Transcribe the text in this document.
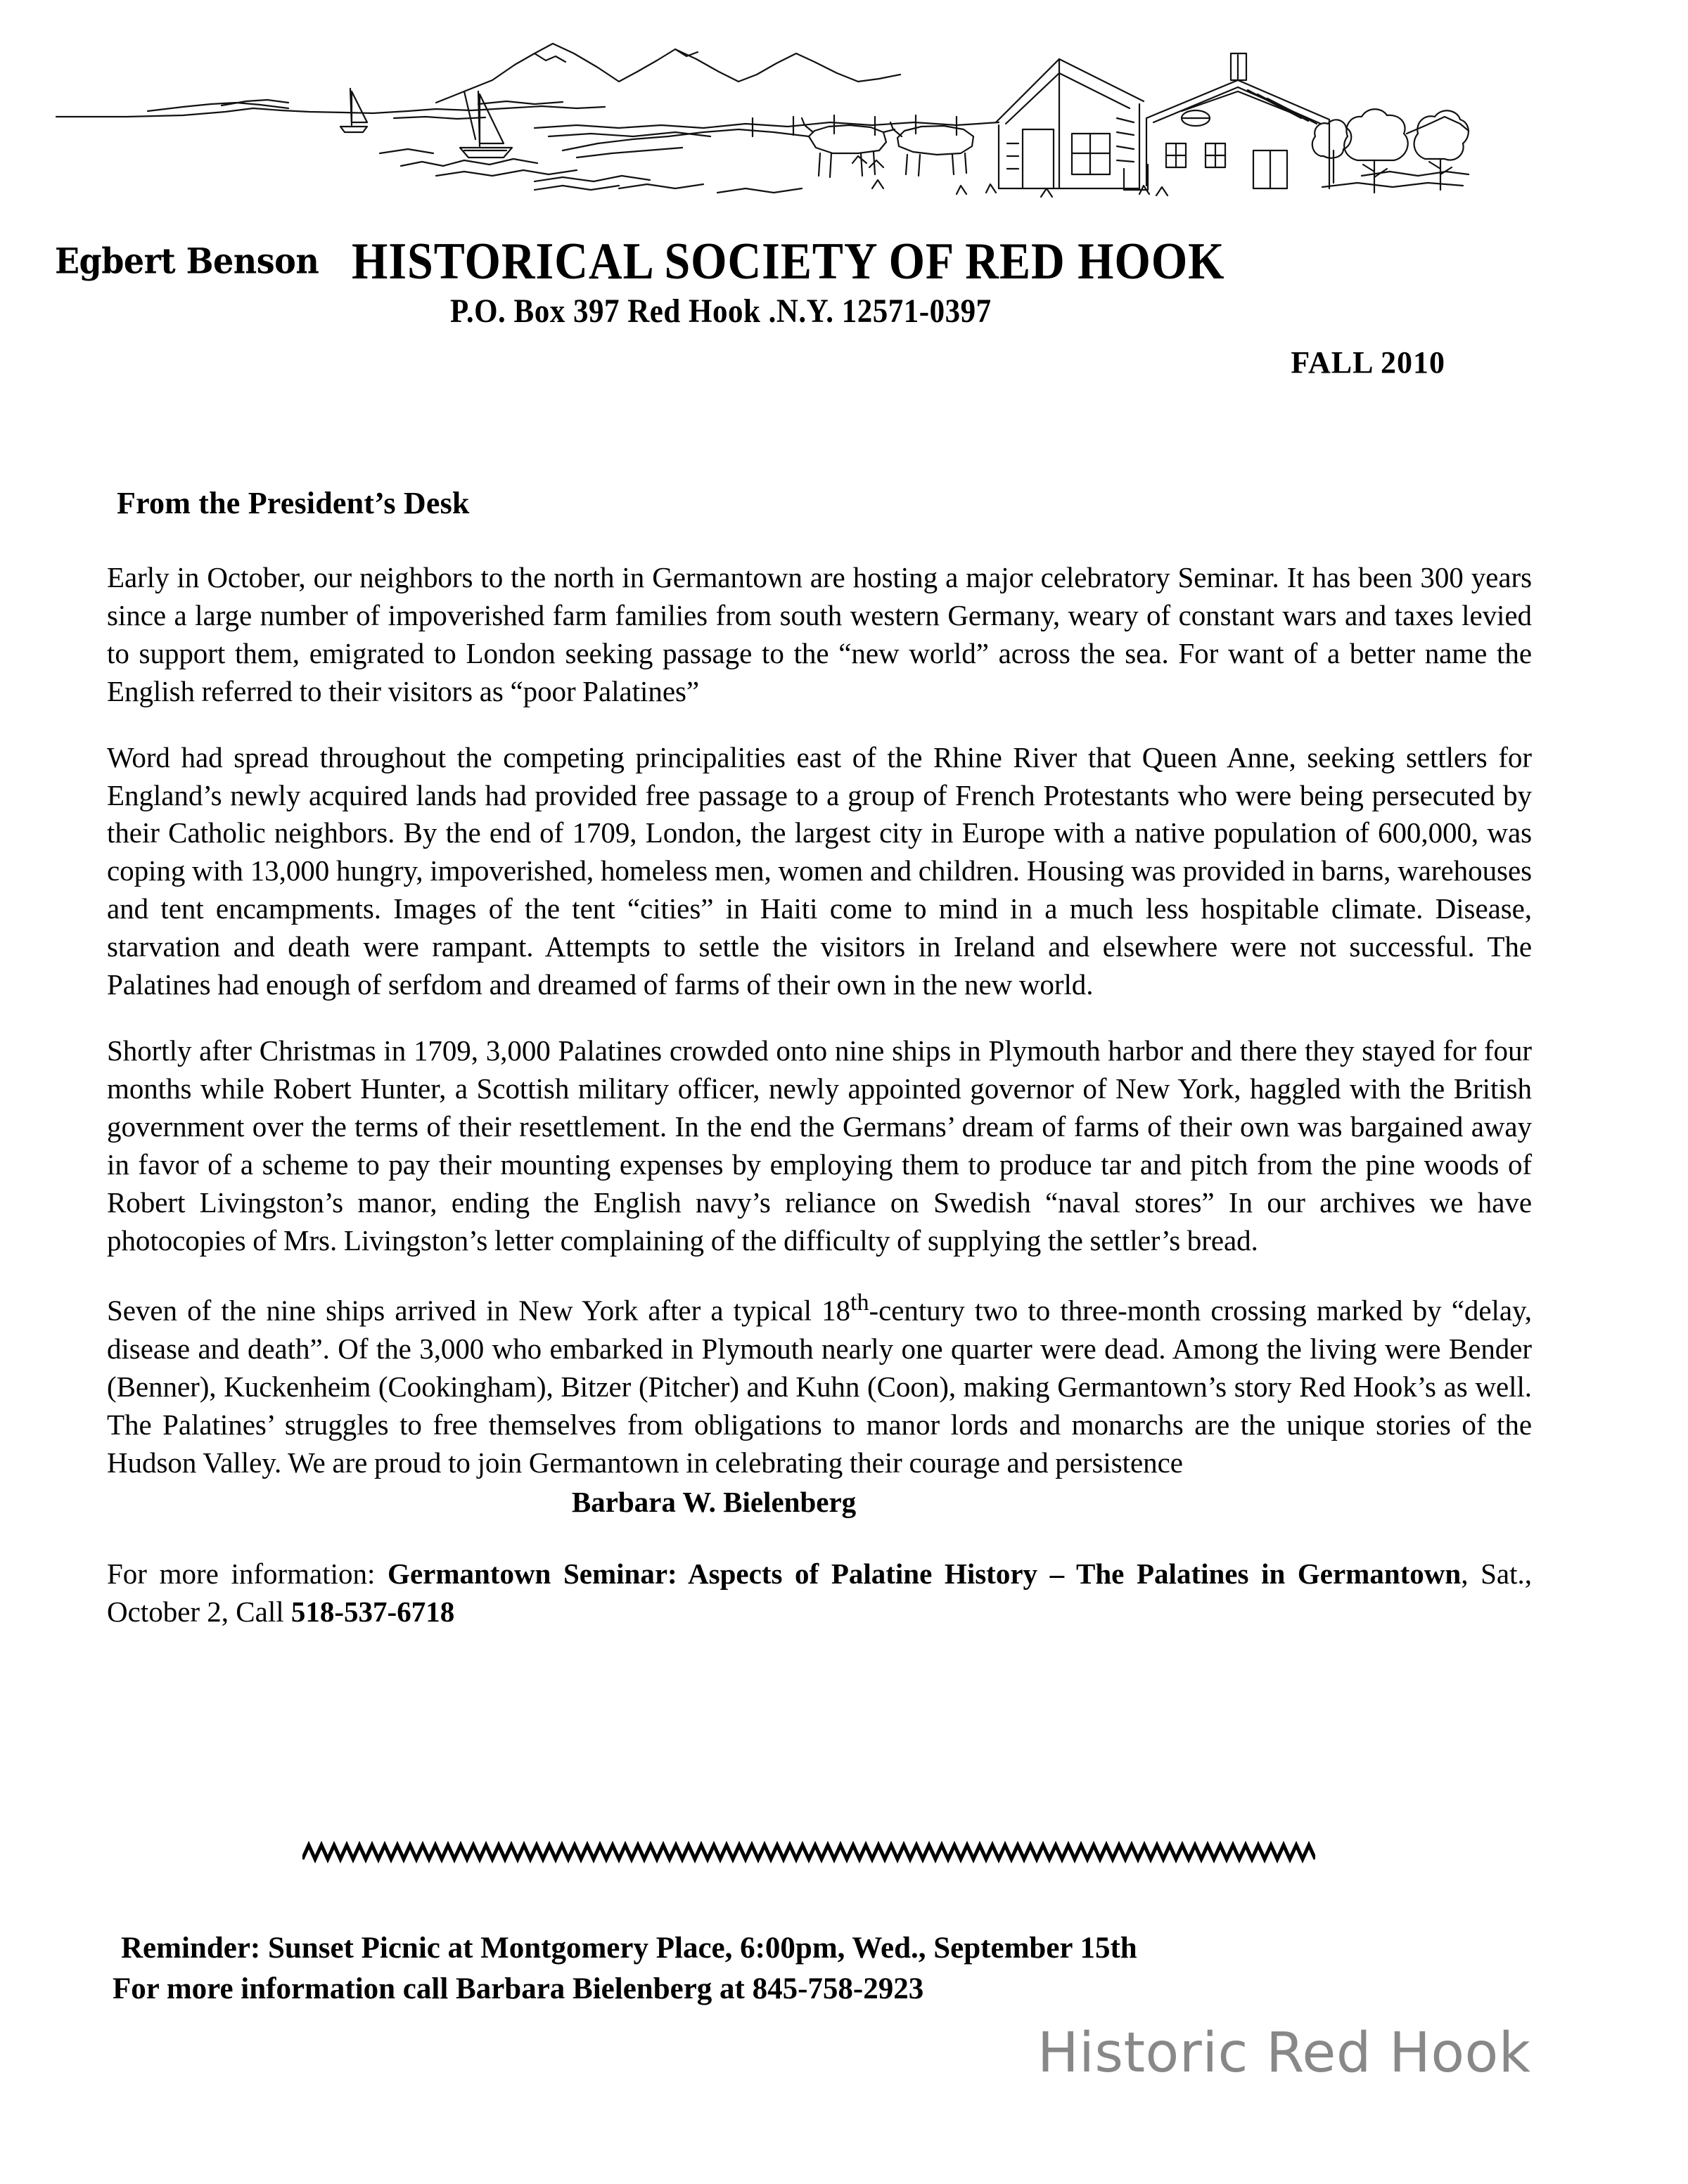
Egbert Benson HISTORICAL SOCIETY OF RED HOOK
P.O. Box 397 Red Hook .N.Y. 12571-0397
FALL 2010
From the President’s Desk

Early in October, our neighbors to the north in Germantown are hosting a major celebratory Seminar. It has been 300 years since a large number of impoverished farm families from south western Germany, weary of constant wars and taxes levied to support them, emigrated to London seeking passage to the “new world” across the sea. For want of a better name the English referred to their visitors as “poor Palatines”

Word had spread throughout the competing principalities east of the Rhine River that Queen Anne, seeking settlers for England’s newly acquired lands had provided free passage to a group of French Protestants who were being persecuted by their Catholic neighbors. By the end of 1709, London, the largest city in Europe with a native population of 600,000, was coping with 13,000 hungry, impoverished, homeless men, women and children. Housing was provided in barns, warehouses and tent encampments. Images of the tent “cities” in Haiti come to mind in a much less hospitable climate. Disease, starvation and death were rampant. Attempts to settle the visitors in Ireland and elsewhere were not successful. The Palatines had enough of serfdom and dreamed of farms of their own in the new world.

Shortly after Christmas in 1709, 3,000 Palatines crowded onto nine ships in Plymouth harbor and there they stayed for four months while Robert Hunter, a Scottish military officer, newly appointed governor of New York, haggled with the British government over the terms of their resettlement. In the end the Germans’ dream of farms of their own was bargained away in favor of a scheme to pay their mounting expenses by employing them to produce tar and pitch from the pine woods of Robert Livingston’s manor, ending the English navy’s reliance on Swedish “naval stores” In our archives we have photocopies of Mrs. Livingston’s letter complaining of the difficulty of supplying the settler’s bread.

Seven of the nine ships arrived in New York after a typical 18th-century two to three-month crossing marked by “delay, disease and death”. Of the 3,000 who embarked in Plymouth nearly one quarter were dead. Among the living were Bender (Benner), Kuckenheim (Cookingham), Bitzer (Pitcher) and Kuhn (Coon), making Germantown’s story Red Hook’s as well. The Palatines’ struggles to free themselves from obligations to manor lords and monarchs are the unique stories of the Hudson Valley. We are proud to join Germantown in celebrating their courage and persistence

Barbara W. Bielenberg

For more information: Germantown Seminar: Aspects of Palatine History – The Palatines in Germantown, Sat., October 2, Call 518-537-6718

Reminder: Sunset Picnic at Montgomery Place, 6:00pm, Wed., September 15th
For more information call Barbara Bielenberg at 845-758-2923
Historic Red Hook
